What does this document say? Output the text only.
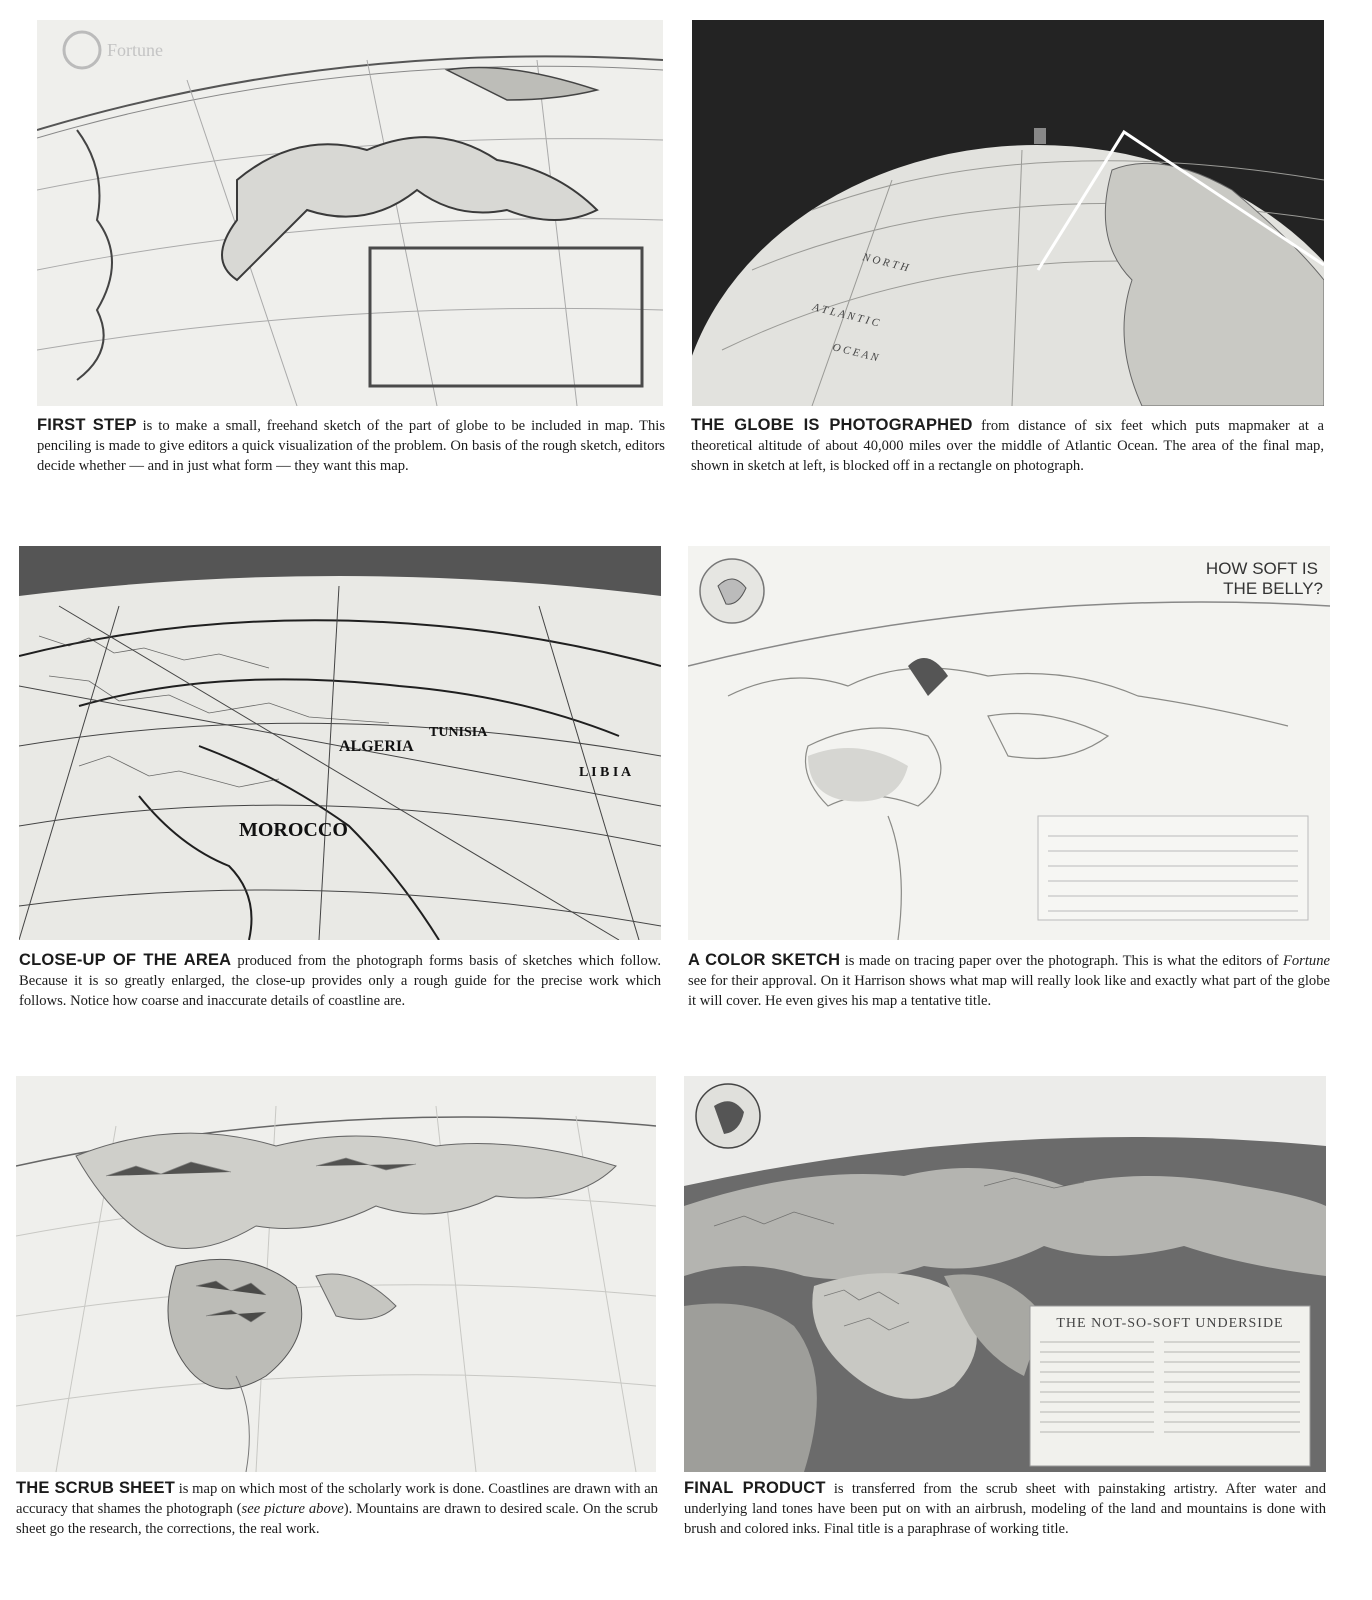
Fortune
FIRST STEP is to make a small, freehand sketch of the part of globe to be included in map. This penciling is made to give editors a quick visualization of the problem. On basis of the rough sketch, editors decide whether — and in just what form — they want this map.
N O R T H
A T L A N T I C
O C E A N
THE GLOBE IS PHOTOGRAPHED from distance of six feet which puts mapmaker at a theoretical altitude of about 40,000 miles over the middle of Atlantic Ocean. The area of the final map, shown in sketch at left, is blocked off in a rectangle on photograph.
MOROCCO
ALGERIA
TUNISIA
L I B I A
CLOSE-UP OF THE AREA produced from the photograph forms basis of sketches which follow. Because it is so greatly enlarged, the close-up provides only a rough guide for the precise work which follows. Notice how coarse and inaccurate details of coastline are.
HOW SOFT IS
THE BELLY?
A COLOR SKETCH is made on tracing paper over the photograph. This is what the editors of Fortune see for their approval. On it Harrison shows what map will really look like and exactly what part of the globe it will cover. He even gives his map a tentative title.
THE SCRUB SHEET is map on which most of the scholarly work is done. Coastlines are drawn with an accuracy that shames the photograph (see picture above). Mountains are drawn to desired scale. On the scrub sheet go the research, the corrections, the real work.
THE NOT-SO-SOFT UNDERSIDE
FINAL PRODUCT is transferred from the scrub sheet with painstaking artistry. After water and underlying land tones have been put on with an airbrush, modeling of the land and mountains is done with brush and colored inks. Final title is a paraphrase of working title.
